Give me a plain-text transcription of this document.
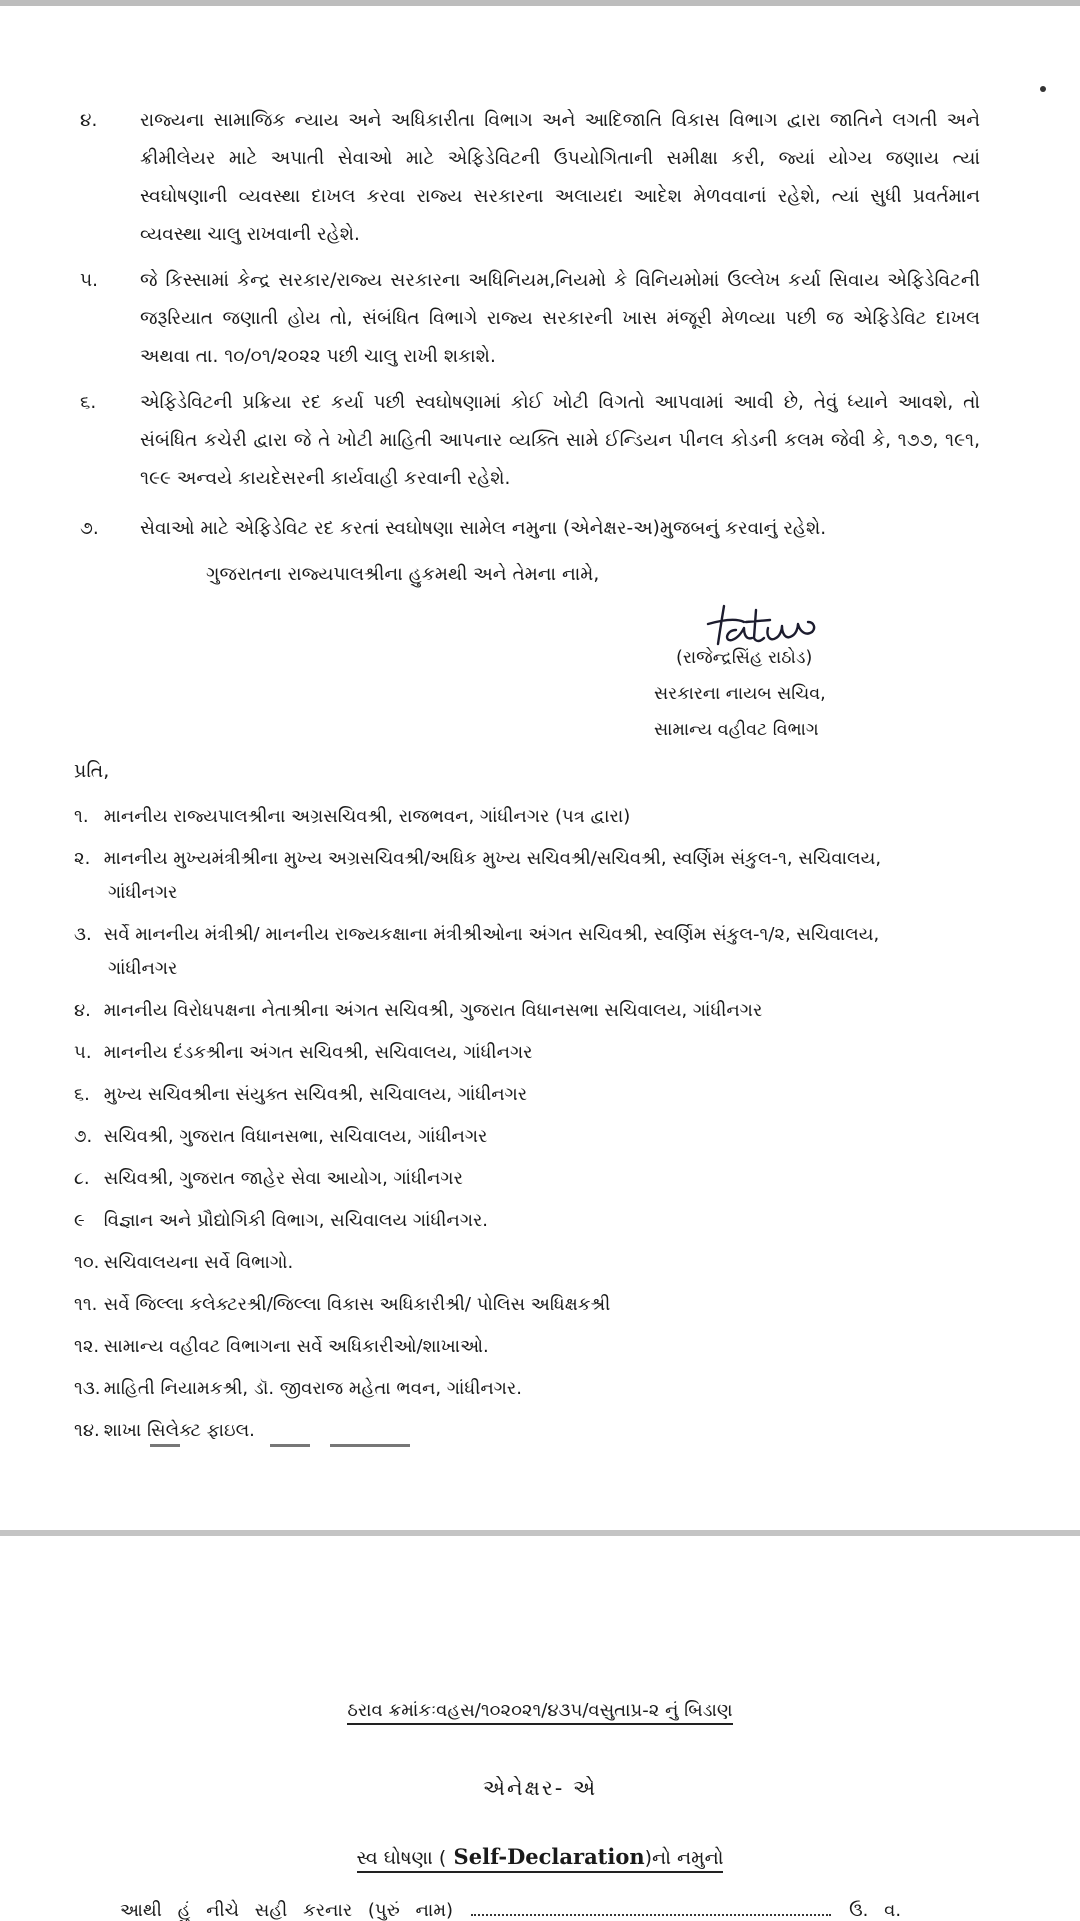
૪.	રાજ્યના સામાજિક ન્યાય અને અધિકારીતા વિભાગ અને આદિજાતિ વિકાસ વિભાગ દ્વારા જાતિને લગતી અને ક્રીમીલેયર માટે અપાતી સેવાઓ માટે એફિડેવિટની ઉપયોગિતાની સમીક્ષા કરી, જ્યાં યોગ્ય જણાય ત્યાં સ્વઘોષણાની વ્યવસ્થા દાખલ કરવા રાજ્ય સરકારના અલાયદા આદેશ મેળવવાનાં રહેશે, ત્યાં સુધી પ્રવર્તમાન વ્યવસ્થા ચાલુ રાખવાની રહેશે.
૫.	જે કિસ્સામાં કેન્દ્ર સરકાર/રાજ્ય સરકારના અધિનિયમ,નિયમો કે વિનિયમોમાં ઉલ્લેખ કર્યા સિવાય એફિડેવિટની જરૂરિયાત જણાતી હોય તો, સંબંધિત વિભાગે રાજ્ય સરકારની ખાસ મંજૂરી મેળવ્યા પછી જ એફિડેવિટ દાખલ અથવા તા. ૧૦/૦૧/૨૦૨૨ પછી ચાલુ રાખી શકાશે.
૬.	એફિડેવિટની પ્રક્રિયા રદ કર્યા પછી સ્વઘોષણામાં કોઈ ખોટી વિગતો આપવામાં આવી છે, તેવું ધ્યાને આવશે, તો સંબંધિત કચેરી દ્વારા જે તે ખોટી માહિતી આપનાર વ્યક્તિ સામે ઈન્ડિયન પીનલ કોડની કલમ જેવી કે, ૧૭૭, ૧૯૧, ૧૯૯ અન્વયે કાયદેસરની કાર્યવાહી કરવાની રહેશે.
૭.	સેવાઓ માટે એફિડેવિટ રદ કરતાં સ્વઘોષણા સામેલ નમુના (એનેક્ષર-અ)મુજબનું કરવાનું રહેશે.
ગુજરાતના રાજ્યપાલશ્રીના હુકમથી અને તેમના નામે,
(રાજેન્દ્રસિંહ રાઠોડ)
સરકારના નાયબ સચિવ,
સામાન્ય વહીવટ વિભાગ
પ્રતિ,
૧. માનનીય રાજ્યપાલશ્રીના અગ્રસચિવશ્રી, રાજભવન, ગાંધીનગર (પત્ર દ્વારા)
૨. માનનીય મુખ્યમંત્રીશ્રીના મુખ્ય અગ્રસચિવશ્રી/અધિક મુખ્ય સચિવશ્રી/સચિવશ્રી, સ્વર્ણિમ સંકુલ-૧, સચિવાલય,
ગાંધીનગર
૩. સર્વે માનનીય મંત્રીશ્રી/ માનનીય રાજ્યકક્ષાના મંત્રીશ્રીઓના અંગત સચિવશ્રી, સ્વર્ણિમ સંકુલ-૧/૨, સચિવાલય,
ગાંધીનગર
૪. માનનીય વિરોધપક્ષના નેતાશ્રીના અંગત સચિવશ્રી, ગુજરાત વિધાનસભા સચિવાલય, ગાંધીનગર
૫. માનનીય દંડકશ્રીના અંગત સચિવશ્રી, સચિવાલય, ગાંધીનગર
૬. મુખ્ય સચિવશ્રીના સંયુક્ત સચિવશ્રી, સચિવાલય, ગાંધીનગર
૭. સચિવશ્રી, ગુજરાત વિધાનસભા, સચિવાલય, ગાંધીનગર
૮. સચિવશ્રી, ગુજરાત જાહેર સેવા આયોગ, ગાંધીનગર
૯ વિજ્ઞાન અને પ્રૌદ્યોગિકી વિભાગ, સચિવાલય ગાંધીનગર.
૧૦. સચિવાલયના સર્વે વિભાગો.
૧૧. સર્વે જિલ્લા કલેક્ટરશ્રી/જિલ્લા વિકાસ અધિકારીશ્રી/ પોલિસ અધિક્ષકશ્રી
૧૨. સામાન્ય વહીવટ વિભાગના સર્વે અધિકારીઓ/શાખાઓ.
૧૩. માહિતી નિયામકશ્રી, ડૉ. જીવરાજ મહેતા ભવન, ગાંધીનગર.
૧૪. શાખા સિલેક્ટ ફાઇલ.
ઠરાવ ક્રમાંકઃવહસ/૧૦૨૦૨૧/૪૩૫/વસુતાપ્ર-૨ નું બિડાણ
એનેક્ષર- એ
સ્વ ઘોષણા ( Self-Declaration)નો નમુનો
આથી હું નીચે સહી કરનાર (પુરું નામ)	ઉ. વ.
